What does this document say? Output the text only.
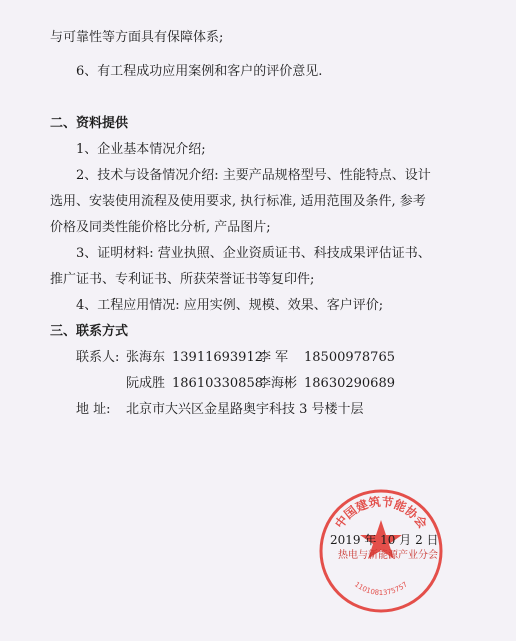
与可靠性等方面具有保障体系;
6、有工程成功应用案例和客户的评价意见.
二、资料提供
1、企业基本情况介绍;
2、技术与设备情况介绍: 主要产品规格型号、性能特点、设计
选用、安装使用流程及使用要求, 执行标准, 适用范围及条件, 参考
价格及同类性能价格比分析, 产品图片;
3、证明材料: 营业执照、企业资质证书、科技成果评估证书、
推广证书、专利证书、所获荣誉证书等复印件;
4、工程应用情况: 应用实例、规模、效果、客户评价;
三、联系方式
联系人: 张海东 13911693912
李 军 18500978765
阮成胜 18610330858
李海彬 18630290689
地 址: 北京市大兴区金星路奥宇科技 3 号楼十层
中国建筑节能协会
1101081375757
2019 年 10 月 2 日
热电与新能源产业分会
